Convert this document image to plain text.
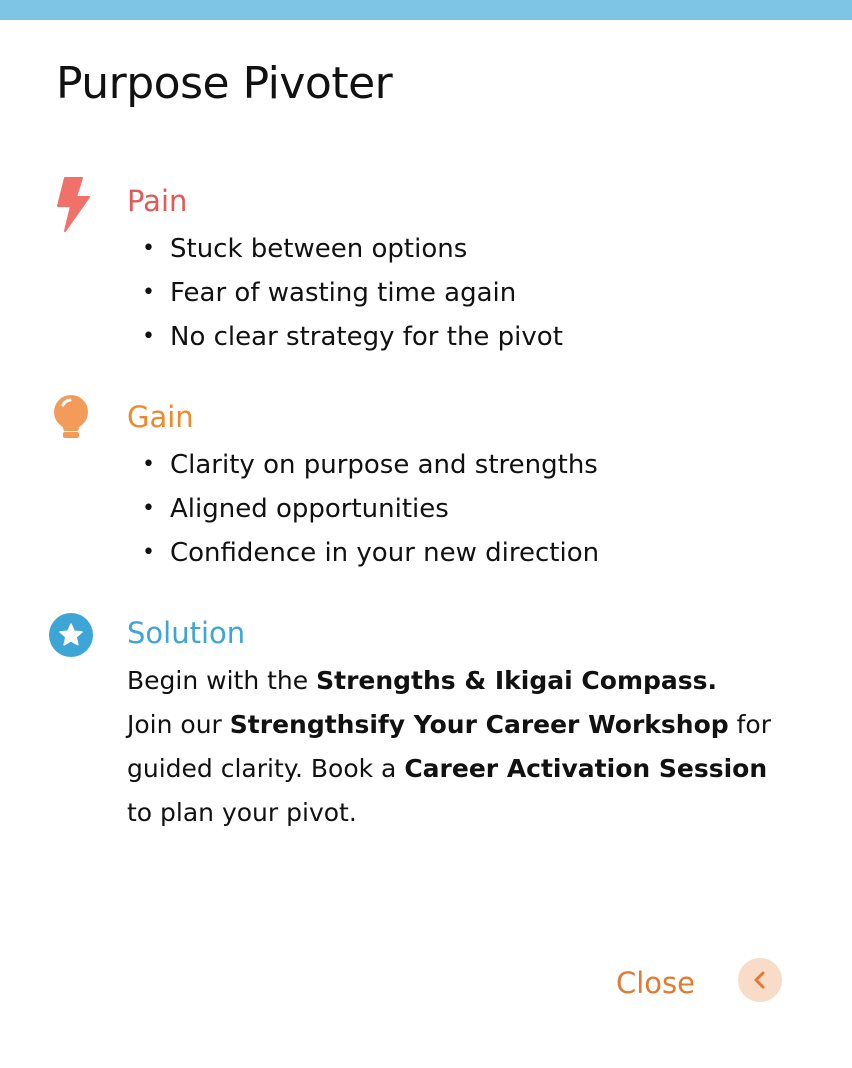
Purpose Pivoter
Pain
• Stuck between options
• Fear of wasting time again
• No clear strategy for the pivot
Gain
• Clarity on purpose and strengths
• Aligned opportunities
• Confidence in your new direction
Solution
Begin with the Strengths & Ikigai Compass.
Join our Strengthsify Your Career Workshop for
guided clarity. Book a Career Activation Session
to plan your pivot.
Close
